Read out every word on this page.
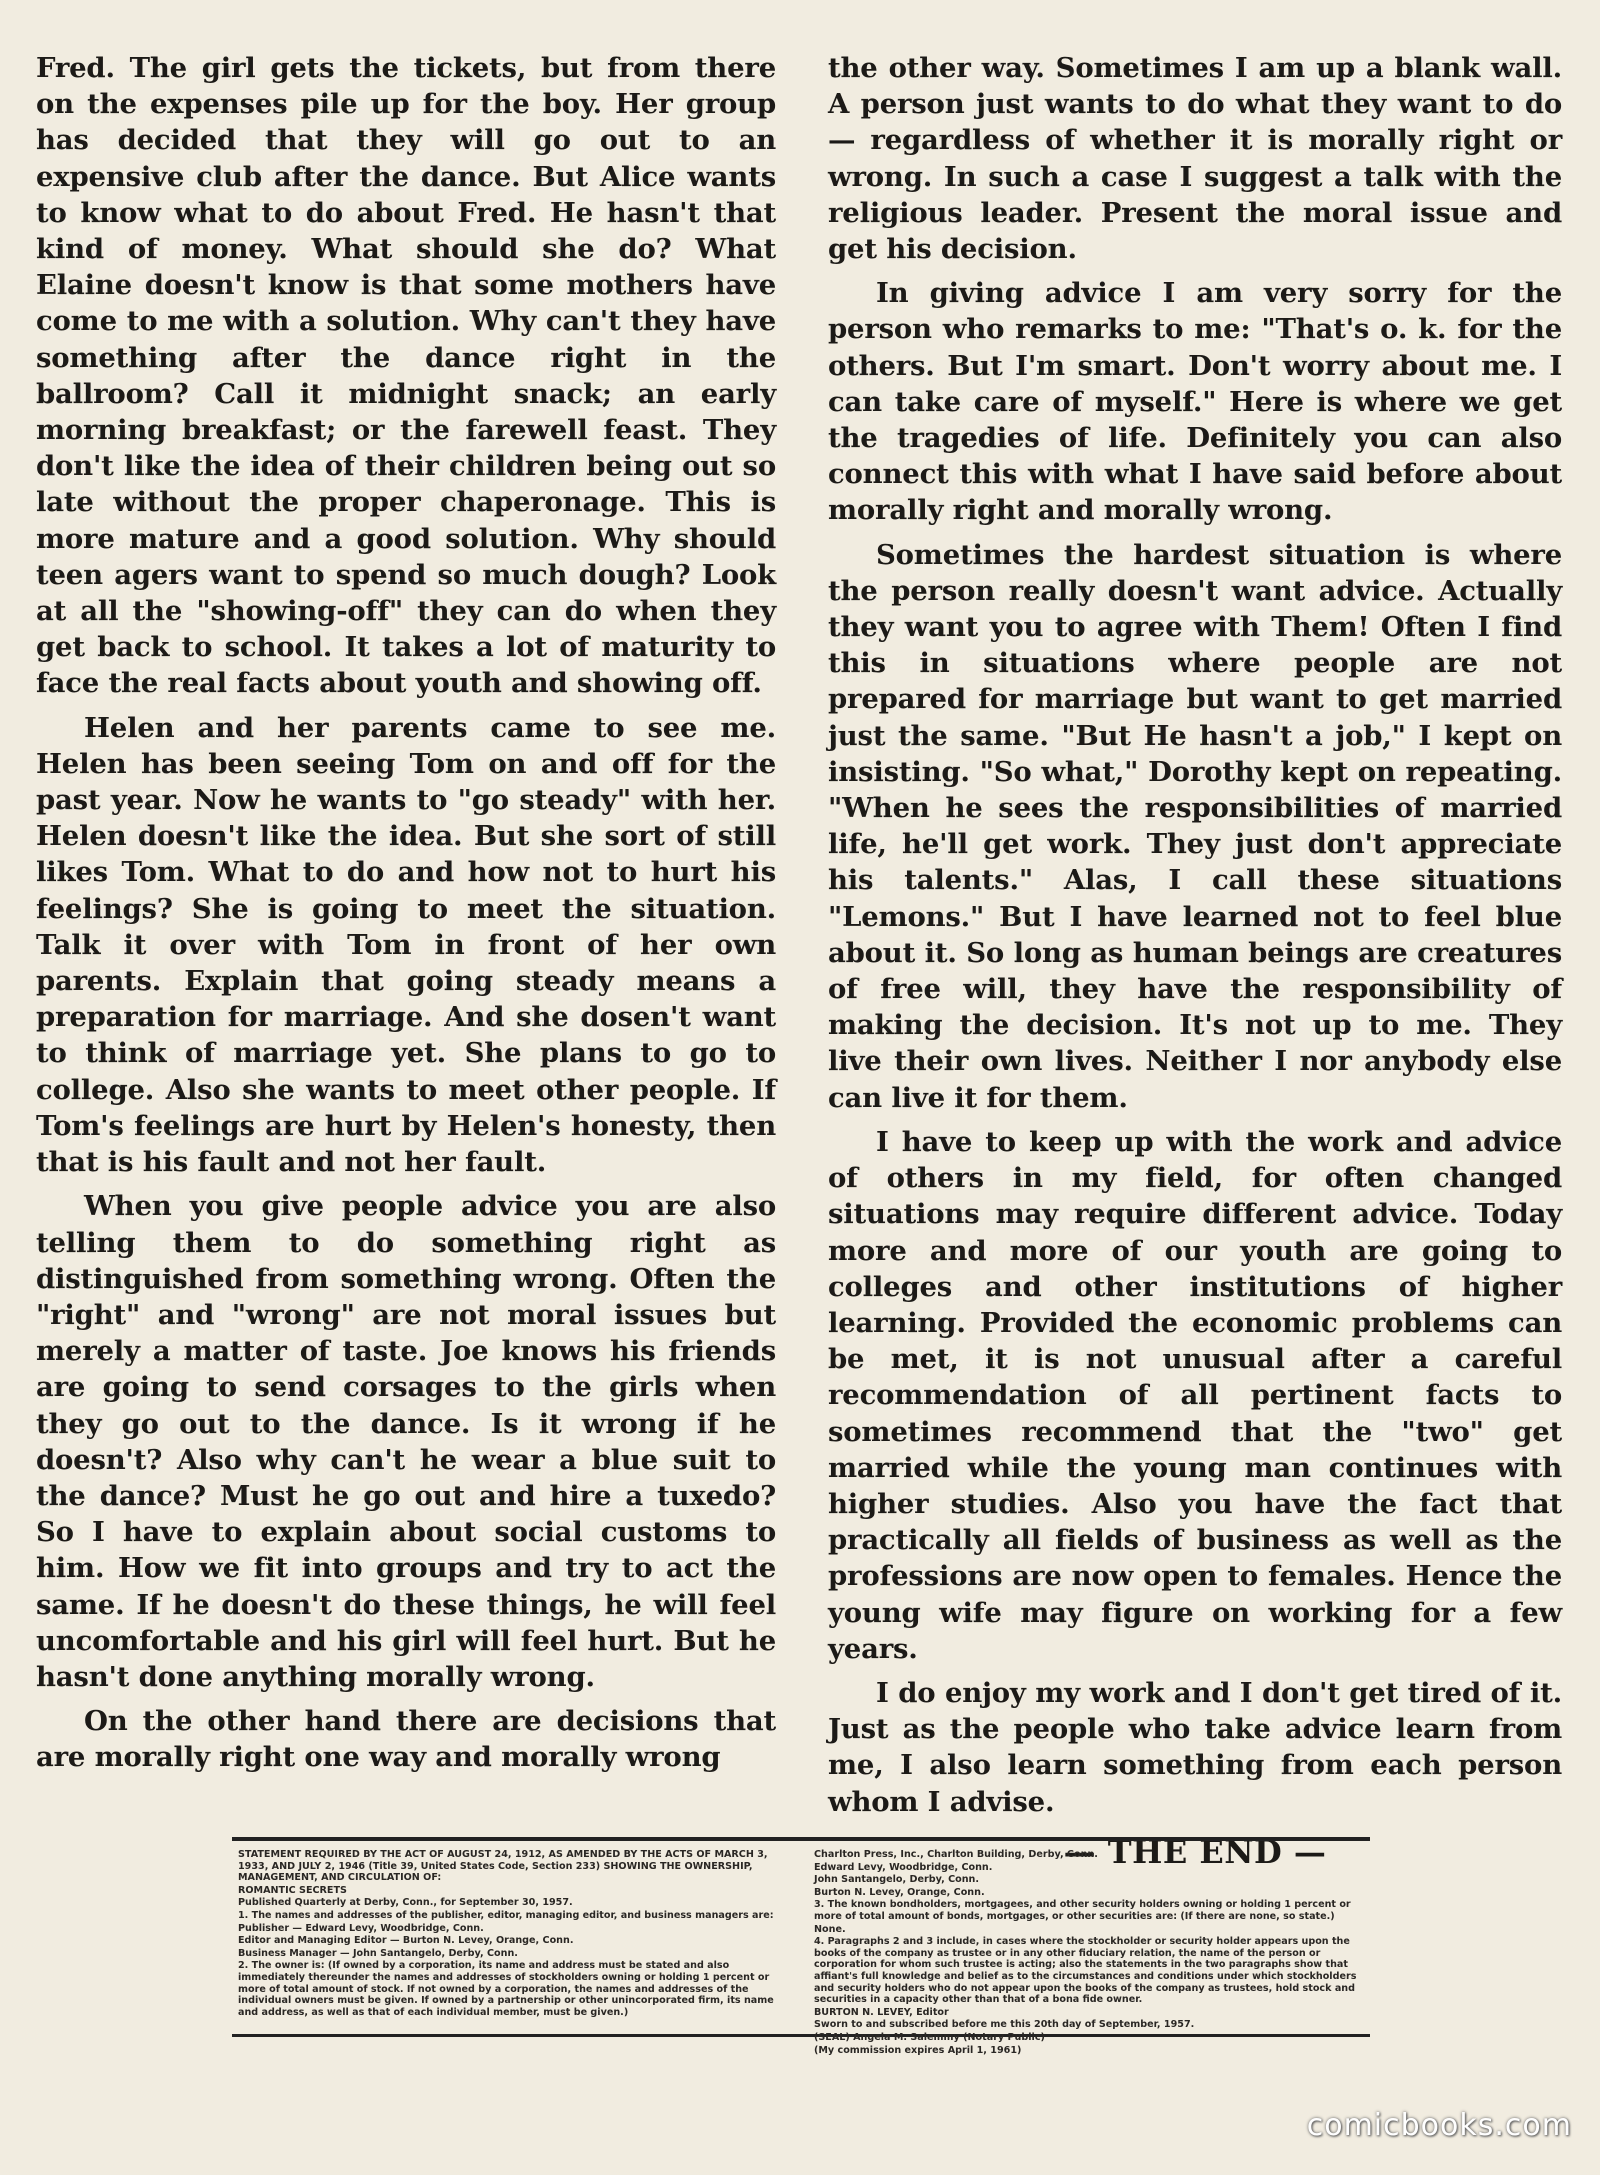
Fred. The girl gets the tickets, but from there on the expenses pile up for the boy. Her group has decided that they will go out to an expensive club after the dance. But Alice wants to know what to do about Fred. He hasn't that kind of money. What should she do? What Elaine doesn't know is that some mothers have come to me with a solution. Why can't they have something after the dance right in the ballroom? Call it midnight snack; an early morning breakfast; or the farewell feast. They don't like the idea of their children being out so late without the proper chaperonage. This is more mature and a good solution. Why should teen agers want to spend so much dough? Look at all the "showing-off" they can do when they get back to school. It takes a lot of maturity to face the real facts about youth and showing off.

Helen and her parents came to see me. Helen has been seeing Tom on and off for the past year. Now he wants to "go steady" with her. Helen doesn't like the idea. But she sort of still likes Tom. What to do and how not to hurt his feelings? She is going to meet the situation. Talk it over with Tom in front of her own parents. Explain that going steady means a preparation for marriage. And she dosen't want to think of marriage yet. She plans to go to college. Also she wants to meet other people. If Tom's feelings are hurt by Helen's honesty, then that is his fault and not her fault.

When you give people advice you are also telling them to do something right as distinguished from something wrong. Often the "right" and "wrong" are not moral issues but merely a matter of taste. Joe knows his friends are going to send corsages to the girls when they go out to the dance. Is it wrong if he doesn't? Also why can't he wear a blue suit to the dance? Must he go out and hire a tuxedo? So I have to explain about social customs to him. How we fit into groups and try to act the same. If he doesn't do these things, he will feel uncomfortable and his girl will feel hurt. But he hasn't done anything morally wrong.

On the other hand there are decisions that are morally right one way and morally wrong

the other way. Sometimes I am up a blank wall. A person just wants to do what they want to do — regardless of whether it is morally right or wrong. In such a case I suggest a talk with the religious leader. Present the moral issue and get his decision.

In giving advice I am very sorry for the person who remarks to me: "That's o. k. for the others. But I'm smart. Don't worry about me. I can take care of myself." Here is where we get the tragedies of life. Definitely you can also connect this with what I have said before about morally right and morally wrong.

Sometimes the hardest situation is where the person really doesn't want advice. Actually they want you to agree with Them! Often I find this in situations where people are not prepared for marriage but want to get married just the same. "But He hasn't a job," I kept on insisting. "So what," Dorothy kept on repeating. "When he sees the responsibilities of married life, he'll get work. They just don't appreciate his talents." Alas, I call these situations "Lemons." But I have learned not to feel blue about it. So long as human beings are creatures of free will, they have the responsibility of making the decision. It's not up to me. They live their own lives. Neither I nor anybody else can live it for them.

I have to keep up with the work and advice of others in my field, for often changed situations may require different advice. Today more and more of our youth are going to colleges and other institutions of higher learning. Provided the economic problems can be met, it is not unusual after a careful recommendation of all pertinent facts to sometimes recommend that the "two" get married while the young man continues with higher studies. Also you have the fact that practically all fields of business as well as the professions are now open to females. Hence the young wife may figure on working for a few years.

I do enjoy my work and I don't get tired of it. Just as the people who take advice learn from me, I also learn something from each person whom I advise.

— THE END —
STATEMENT REQUIRED BY THE ACT OF AUGUST 24, 1912, AS AMENDED BY THE ACTS OF MARCH 3, 1933, AND JULY 2, 1946 (Title 39, United States Code, Section 233) SHOWING THE OWNERSHIP, MANAGEMENT, AND CIRCULATION OF:
ROMANTIC SECRETS
Published Quarterly at Derby, Conn., for September 30, 1957.
1. The names and addresses of the publisher, editor, managing editor, and business managers are:
Publisher — Edward Levy, Woodbridge, Conn.
Editor and Managing Editor — Burton N. Levey, Orange, Conn.
Business Manager — John Santangelo, Derby, Conn.
2. The owner is: (If owned by a corporation, its name and address must be stated and also immediately thereunder the names and addresses of stockholders owning or holding 1 percent or more of total amount of stock. If not owned by a corporation, the names and addresses of the individual owners must be given. If owned by a partnership or other unincorporated firm, its name and address, as well as that of each individual member, must be given.)
Charlton Press, Inc., Charlton Building, Derby, Conn.
Edward Levy, Woodbridge, Conn.
John Santangelo, Derby, Conn.
Burton N. Levey, Orange, Conn.
3. The known bondholders, mortgagees, and other security holders owning or holding 1 percent or more of total amount of bonds, mortgages, or other securities are: (If there are none, so state.)
None.
4. Paragraphs 2 and 3 include, in cases where the stockholder or security holder appears upon the books of the company as trustee or in any other fiduciary relation, the name of the person or corporation for whom such trustee is acting; also the statements in the two paragraphs show that affiant's full knowledge and belief as to the circumstances and conditions under which stockholders and security holders who do not appear upon the books of the company as trustees, hold stock and securities in a capacity other than that of a bona fide owner.
BURTON N. LEVEY, Editor
Sworn to and subscribed before me this 20th day of September, 1957.
(SEAL) Angela M. Salemmy (Notary Public)
(My commission expires April 1, 1961)
comicbooks.com
